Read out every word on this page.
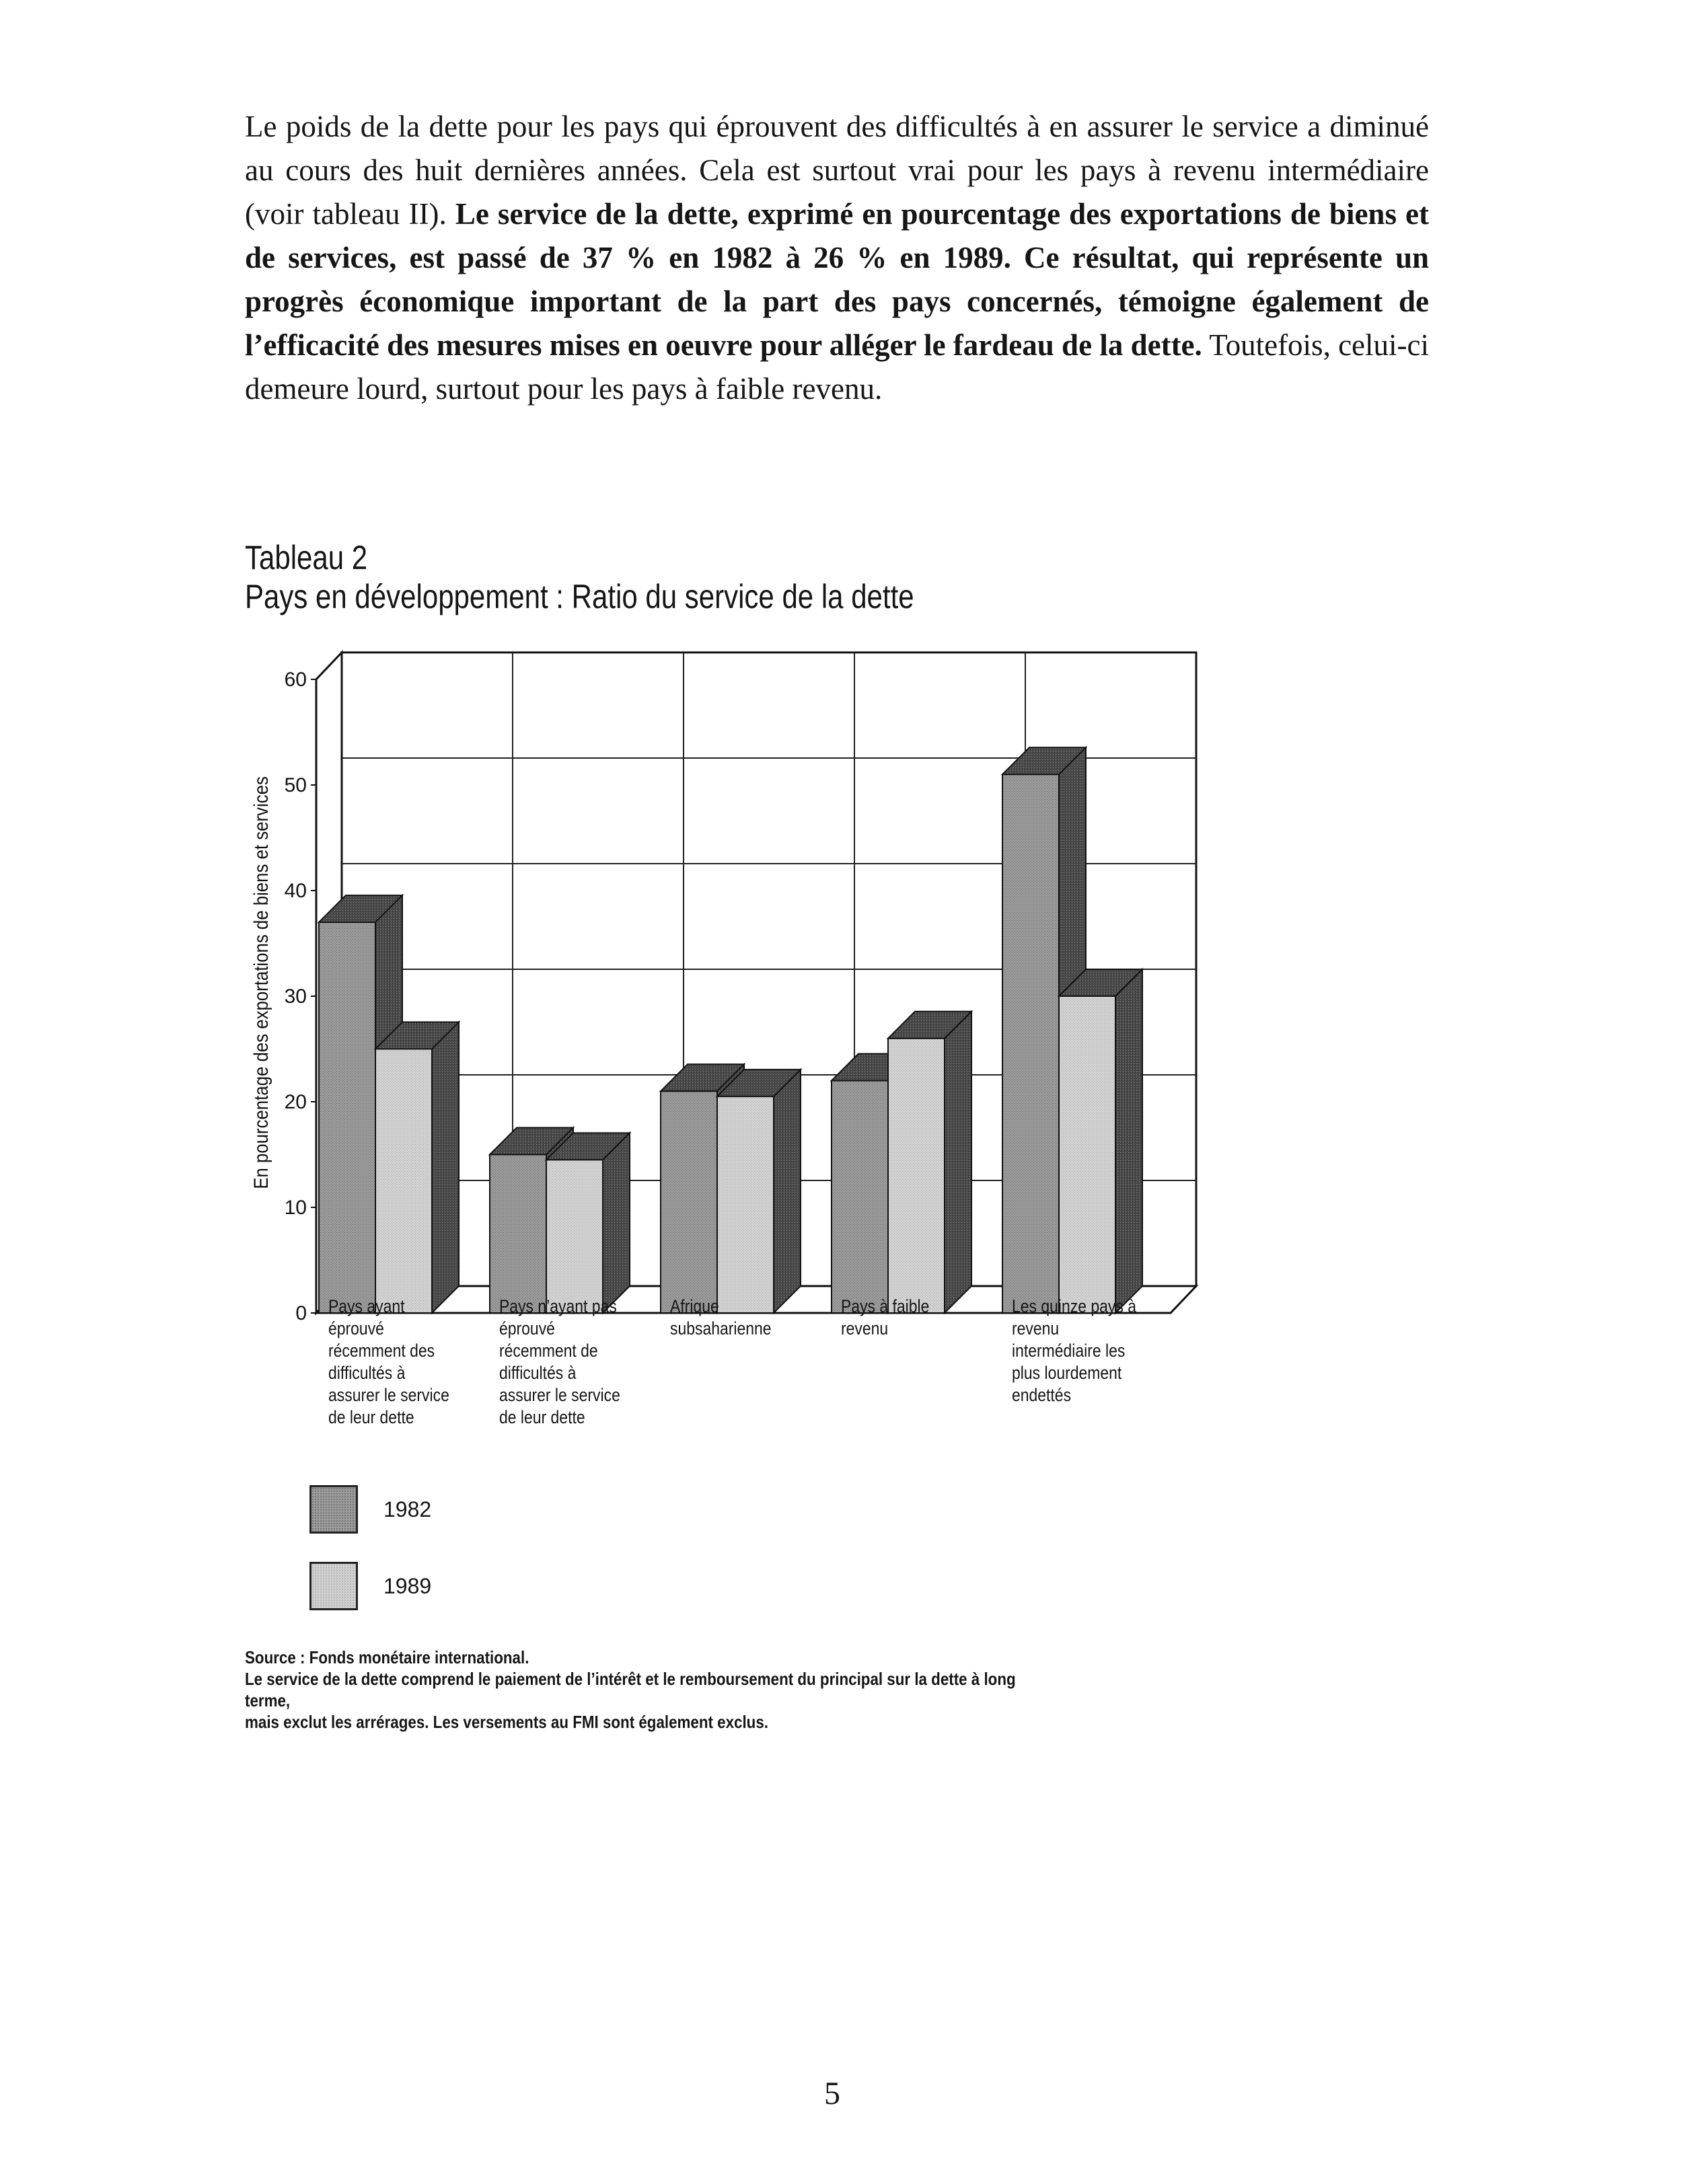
Le poids de la dette pour les pays qui éprouvent des difficultés à en assurer le service a diminué au cours des huit dernières années. Cela est surtout vrai pour les pays à revenu intermédiaire (voir tableau II). Le service de la dette, exprimé en pourcentage des exportations de biens et de services, est passé de 37 % en 1982 à 26 % en 1989. Ce résultat, qui représente un progrès économique important de la part des pays concernés, témoigne également de l’efficacité des mesures mises en oeuvre pour alléger le fardeau de la dette. Toutefois, celui-ci demeure lourd, surtout pour les pays à faible revenu.

Tableau 2
Pays en développement : Ratio du service de la dette
0
10
20
30
40
50
60
En pourcentage des exportations de biens et services
Pays ayant
éprouvé
récemment des
difficultés à
assurer le service
de leur dette
Pays n’ayant pas
éprouvé
récemment de
difficultés à
assurer le service
de leur dette
Afrique
subsaharienne
Pays à faible
revenu
Les quinze pays à
revenu
intermédiaire les
plus lourdement
endettés
1982
1989
Source : Fonds monétaire international.
Le service de la dette comprend le paiement de l’intérêt et le remboursement du principal sur la dette à long terme,
mais exclut les arrérages. Les versements au FMI sont également exclus.
5
